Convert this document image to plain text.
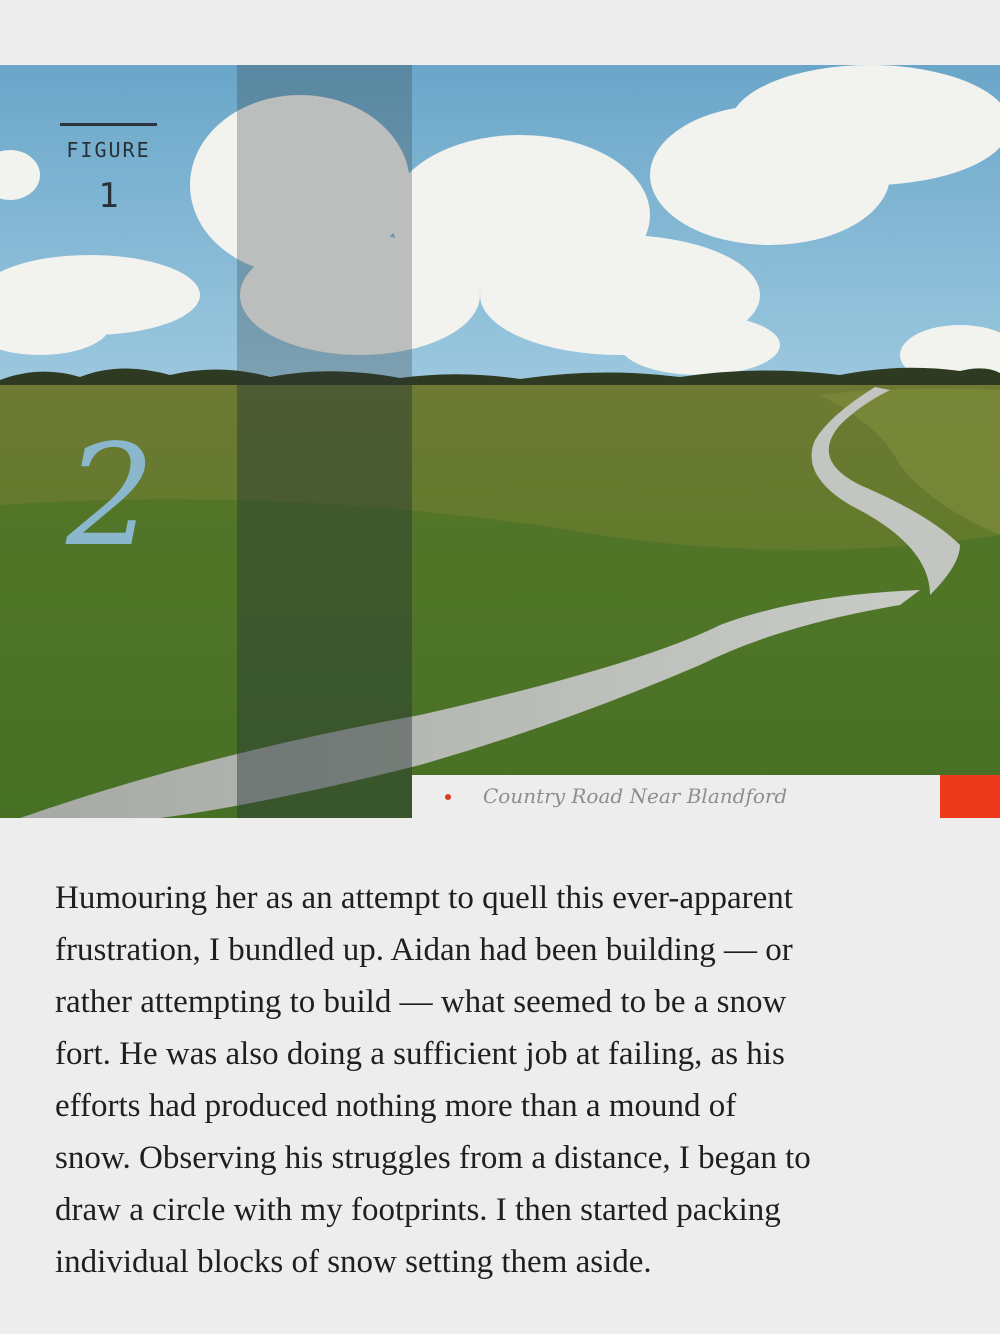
FIGURE
1
2
Country Road Near Blandford
Humouring her as an attempt to quell this ever-apparent
frustration, I bundled up. Aidan had been building — or
rather attempting to build — what seemed to be a snow
fort. He was also doing a sufficient job at failing, as his
efforts had produced nothing more than a mound of
snow. Observing his struggles from a distance, I began to
draw a circle with my footprints. I then started packing
individual blocks of snow setting them aside.
